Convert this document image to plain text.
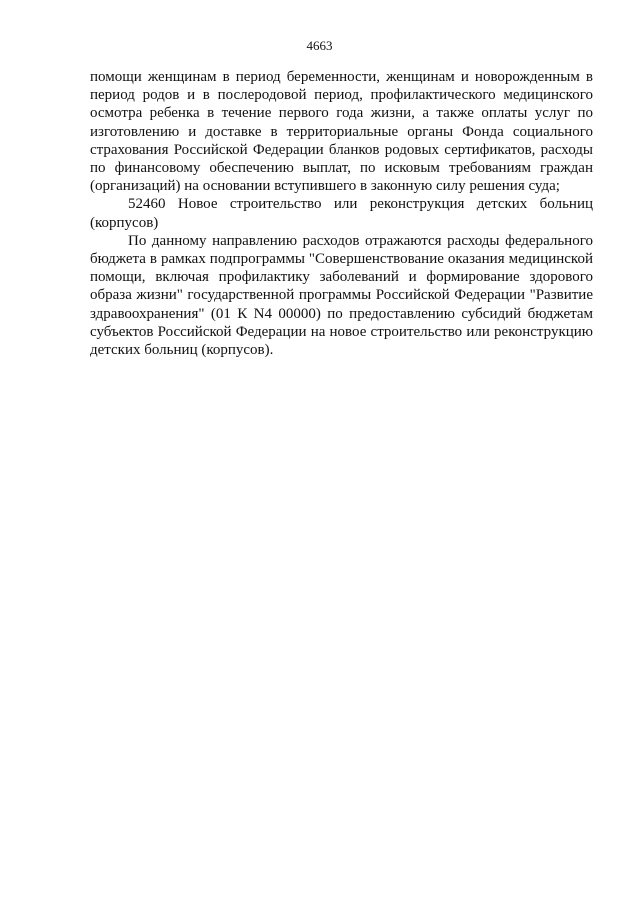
4663

помощи женщинам в период беременности, женщинам и новорожденным в период родов и в послеродовой период, профилактического медицинского осмотра ребенка в течение первого года жизни, а также оплаты услуг по изготовлению и доставке в территориальные органы Фонда социального страхования Российской Федерации бланков родовых сертификатов, расходы по финансовому обеспечению выплат, по исковым требованиям граждан (организаций) на основании вступившего в законную силу решения суда;

52460 Новое строительство или реконструкция детских больниц (корпусов)

По данному направлению расходов отражаются расходы федерального бюджета в рамках подпрограммы "Совершенствование оказания медицинской помощи, включая профилактику заболеваний и формирование здорового образа жизни" государственной программы Российской Федерации "Развитие здравоохранения" (01 К N4 00000) по предоставлению субсидий бюджетам субъектов Российской Федерации на новое строительство или реконструкцию детских больниц (корпусов).
